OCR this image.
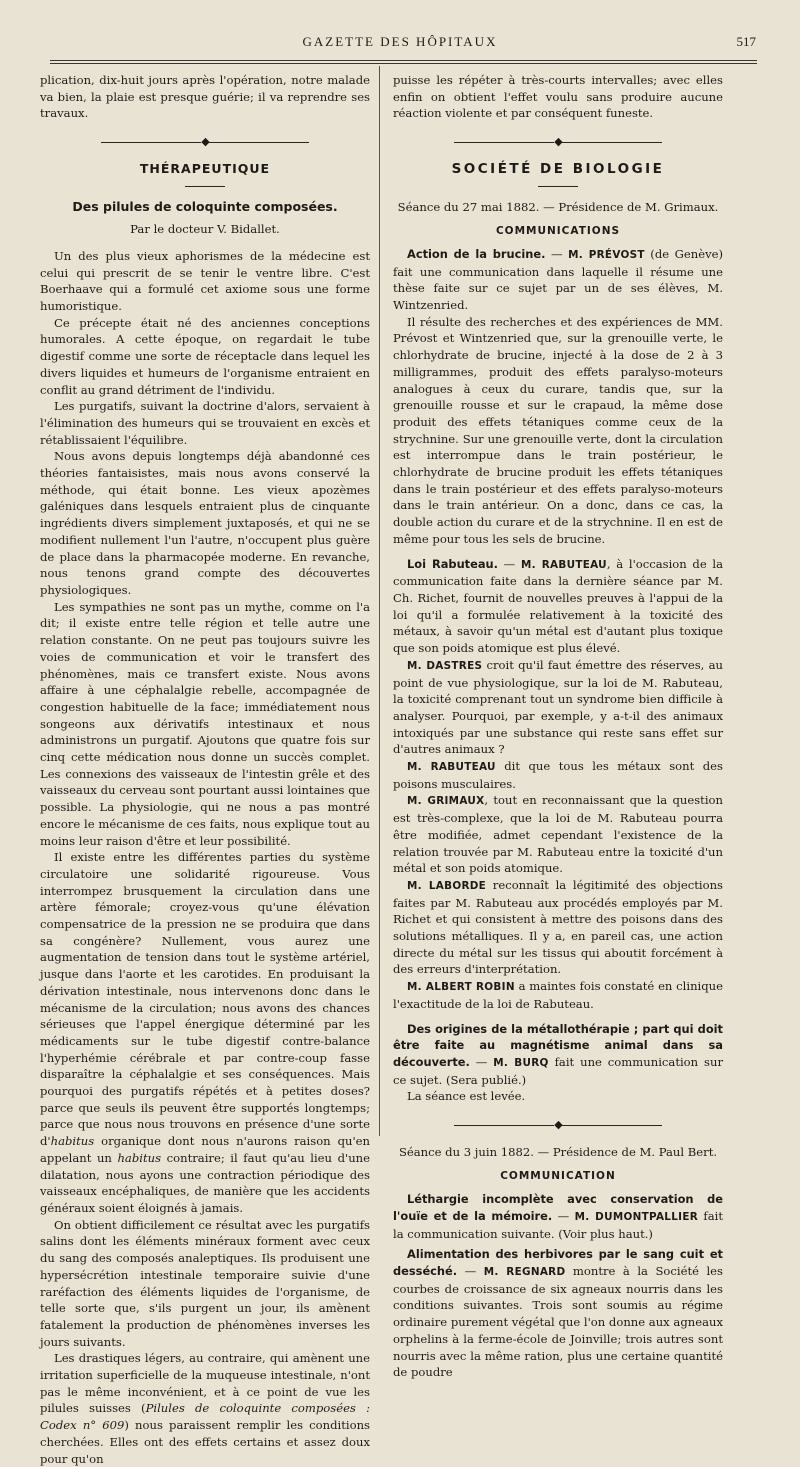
GAZETTE DES HÔPITAUX	517

plication, dix-huit jours après l'opération, notre malade va bien, la plaie est presque guérie; il va reprendre ses travaux.

◆
THÉRAPEUTIQUE
Des pilules de coloquinte composées.
Par le docteur V. Bidallet.

Un des plus vieux aphorismes de la médecine est celui qui prescrit de se tenir le ventre libre. C'est Boerhaave qui a formulé cet axiome sous une forme humoristique.

Ce précepte était né des anciennes conceptions humorales. A cette époque, on regardait le tube digestif comme une sorte de réceptacle dans lequel les divers liquides et humeurs de l'organisme entraient en conflit au grand détriment de l'individu.

Les purgatifs, suivant la doctrine d'alors, servaient à l'élimination des humeurs qui se trouvaient en excès et rétablissaient l'équilibre.

Nous avons depuis longtemps déjà abandonné ces théories fantaisistes, mais nous avons conservé la méthode, qui était bonne. Les vieux apozèmes galéniques dans lesquels entraient plus de cinquante ingrédients divers simplement juxtaposés, et qui ne se modifient nullement l'un l'autre, n'occupent plus guère de place dans la pharmacopée moderne. En revanche, nous tenons grand compte des découvertes physiologiques.

Les sympathies ne sont pas un mythe, comme on l'a dit; il existe entre telle région et telle autre une relation constante. On ne peut pas toujours suivre les voies de communication et voir le transfert des phénomènes, mais ce transfert existe. Nous avons affaire à une céphalalgie rebelle, accompagnée de congestion habituelle de la face; immédiatement nous songeons aux dérivatifs intestinaux et nous administrons un purgatif. Ajoutons que quatre fois sur cinq cette médication nous donne un succès complet. Les connexions des vaisseaux de l'intestin grêle et des vaisseaux du cerveau sont pourtant aussi lointaines que possible. La physiologie, qui ne nous a pas montré encore le mécanisme de ces faits, nous explique tout au moins leur raison d'être et leur possibilité.

Il existe entre les différentes parties du système circulatoire une solidarité rigoureuse. Vous interrompez brusquement la circulation dans une artère fémorale; croyez-vous qu'une élévation compensatrice de la pression ne se produira que dans sa congénère? Nullement, vous aurez une augmentation de tension dans tout le système artériel, jusque dans l'aorte et les carotides. En produisant la dérivation intestinale, nous intervenons donc dans le mécanisme de la circulation; nous avons des chances sérieuses que l'appel énergique déterminé par les médicaments sur le tube digestif contre-balance l'hyperhémie cérébrale et par contre-coup fasse disparaître la céphalalgie et ses conséquences. Mais pourquoi des purgatifs répétés et à petites doses? parce que seuls ils peuvent être supportés longtemps; parce que nous nous trouvons en présence d'une sorte d'habitus organique dont nous n'aurons raison qu'en appelant un habitus contraire; il faut qu'au lieu d'une dilatation, nous ayons une contraction périodique des vaisseaux encéphaliques, de manière que les accidents généraux soient éloignés à jamais.

On obtient difficilement ce résultat avec les purgatifs salins dont les éléments minéraux forment avec ceux du sang des composés analeptiques. Ils produisent une hypersécrétion intestinale temporaire suivie d'une raréfaction des éléments liquides de l'organisme, de telle sorte que, s'ils purgent un jour, ils amènent fatalement la production de phénomènes inverses les jours suivants.

Les drastiques légers, au contraire, qui amènent une irritation superficielle de la muqueuse intestinale, n'ont pas le même inconvénient, et à ce point de vue les pilules suisses (Pilules de coloquinte composées : Codex n° 609) nous paraissent remplir les conditions cherchées. Elles ont des effets certains et assez doux pour qu'on

puisse les répéter à très-courts intervalles; avec elles enfin on obtient l'effet voulu sans produire aucune réaction violente et par conséquent funeste.

◆
SOCIÉTÉ DE BIOLOGIE

Séance du 27 mai 1882. — Présidence de M. Grimaux.

COMMUNICATIONS

Action de la brucine. — M. PRÉVOST (de Genève) fait une communication dans laquelle il résume une thèse faite sur ce sujet par un de ses élèves, M. Wintzenried.

Il résulte des recherches et des expériences de MM. Prévost et Wintzenried que, sur la grenouille verte, le chlorhydrate de brucine, injecté à la dose de 2 à 3 milligrammes, produit des effets paralyso-moteurs analogues à ceux du curare, tandis que, sur la grenouille rousse et sur le crapaud, la même dose produit des effets tétaniques comme ceux de la strychnine. Sur une grenouille verte, dont la circulation est interrompue dans le train postérieur, le chlorhydrate de brucine produit les effets tétaniques dans le train postérieur et des effets paralyso-moteurs dans le train antérieur. On a donc, dans ce cas, la double action du curare et de la strychnine. Il en est de même pour tous les sels de brucine.

Loi Rabuteau. — M. RABUTEAU, à l'occasion de la communication faite dans la dernière séance par M. Ch. Richet, fournit de nouvelles preuves à l'appui de la loi qu'il a formulée relativement à la toxicité des métaux, à savoir qu'un métal est d'autant plus toxique que son poids atomique est plus élevé.

M. DASTRES croit qu'il faut émettre des réserves, au point de vue physiologique, sur la loi de M. Rabuteau, la toxicité comprenant tout un syndrome bien difficile à analyser. Pourquoi, par exemple, y a-t-il des animaux intoxiqués par une substance qui reste sans effet sur d'autres animaux ?

M. RABUTEAU dit que tous les métaux sont des poisons musculaires.

M. GRIMAUX, tout en reconnaissant que la question est très-complexe, que la loi de M. Rabuteau pourra être modifiée, admet cependant l'existence de la relation trouvée par M. Rabuteau entre la toxicité d'un métal et son poids atomique.

M. LABORDE reconnaît la légitimité des objections faites par M. Rabuteau aux procédés employés par M. Richet et qui consistent à mettre des poisons dans des solutions métalliques. Il y a, en pareil cas, une action directe du métal sur les tissus qui aboutit forcément à des erreurs d'interprétation.

M. ALBERT ROBIN a maintes fois constaté en clinique l'exactitude de la loi de Rabuteau.

Des origines de la métallothérapie ; part qui doit être faite au magnétisme animal dans sa découverte. — M. BURQ fait une communication sur ce sujet. (Sera publié.)

La séance est levée.

◆

Séance du 3 juin 1882. — Présidence de M. Paul Bert.

COMMUNICATION

Léthargie incomplète avec conservation de l'ouïe et de la mémoire. — M. DUMONTPALLIER fait la communication suivante. (Voir plus haut.)

Alimentation des herbivores par le sang cuit et desséché. — M. REGNARD montre à la Société les courbes de croissance de six agneaux nourris dans les conditions suivantes. Trois sont soumis au régime ordinaire purement végétal que l'on donne aux agneaux orphelins à la ferme-école de Joinville; trois autres sont nourris avec la même ration, plus une certaine quantité de poudre
